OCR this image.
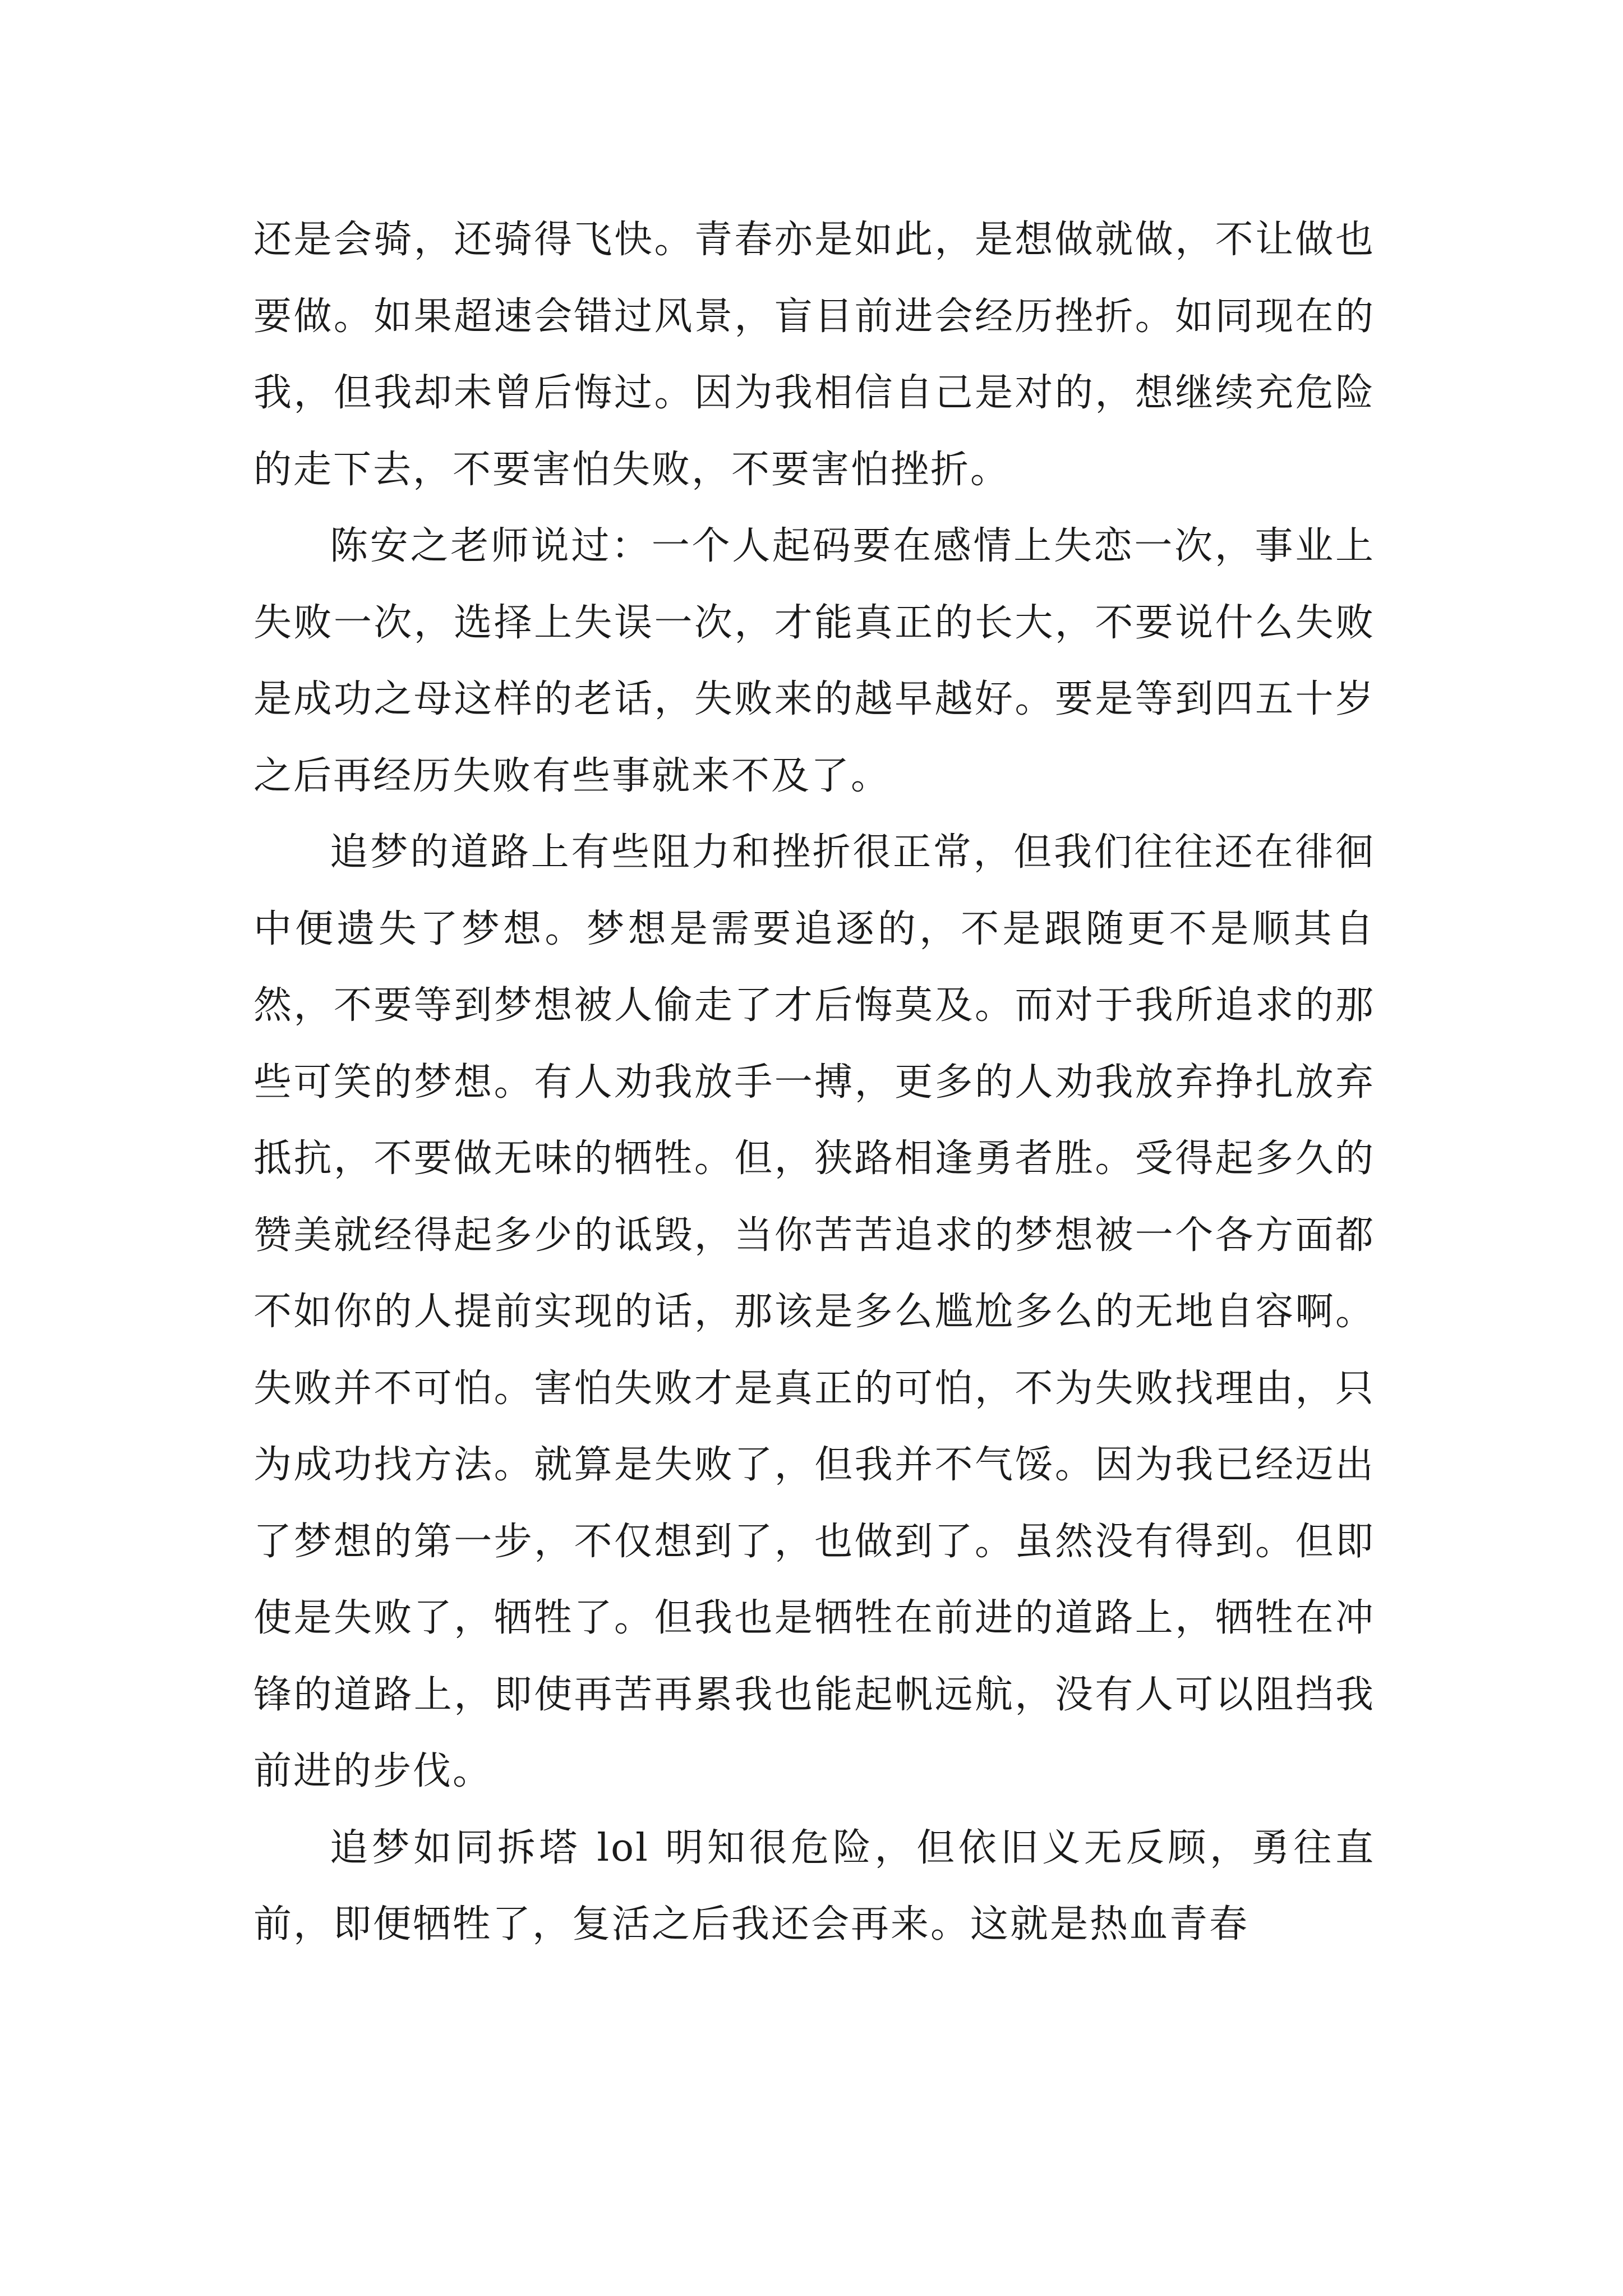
还是会骑，还骑得飞快。青春亦是如此，是想做就做，不让做也要做。如果超速会错过风景，盲目前进会经历挫折。如同现在的我，但我却未曾后悔过。因为我相信自己是对的，想继续充危险的走下去，不要害怕失败，不要害怕挫折。

陈安之老师说过：一个人起码要在感情上失恋一次，事业上失败一次，选择上失误一次，才能真正的长大，不要说什么失败是成功之母这样的老话，失败来的越早越好。要是等到四五十岁之后再经历失败有些事就来不及了。

追梦的道路上有些阻力和挫折很正常，但我们往往还在徘徊中便遗失了梦想。梦想是需要追逐的，不是跟随更不是顺其自然，不要等到梦想被人偷走了才后悔莫及。而对于我所追求的那些可笑的梦想。有人劝我放手一搏，更多的人劝我放弃挣扎放弃抵抗，不要做无味的牺牲。但，狭路相逢勇者胜。受得起多久的赞美就经得起多少的诋毁，当你苦苦追求的梦想被一个各方面都不如你的人提前实现的话，那该是多么尴尬多么的无地自容啊。失败并不可怕。害怕失败才是真正的可怕，不为失败找理由，只为成功找方法。就算是失败了，但我并不气馁。因为我已经迈出了梦想的第一步，不仅想到了，也做到了。虽然没有得到。但即使是失败了，牺牲了。但我也是牺牲在前进的道路上，牺牲在冲锋的道路上，即使再苦再累我也能起帆远航，没有人可以阻挡我前进的步伐。

追梦如同拆塔 lol 明知很危险，但依旧义无反顾，勇往直前，即便牺牲了，复活之后我还会再来。这就是热血青春
